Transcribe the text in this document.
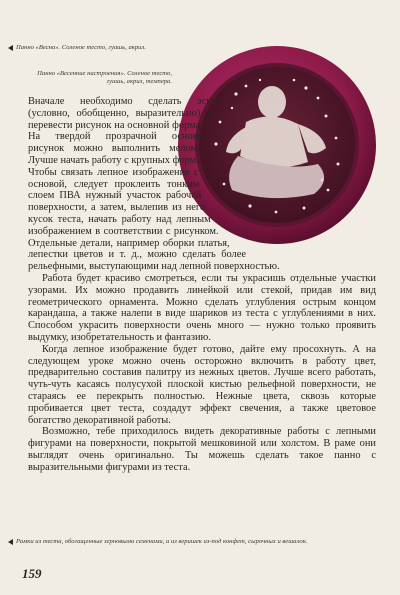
Панно «Весна». Соленое тесто, гуашь, акрил.
Панно «Весенние настроения». Соленое тесто, гуашь, акрил, темпера.

Вначале необходимо сделать эскиз (условно, обобщенно, выразительно) и перевести рисунок на основной формат. На твердой прозрачной основе рисунок можно выполнить мелом. Лучше начать работу с крупных форм. Чтобы связать лепное изображение с основой, следует проклеить тонким слоем ПВА нужный участок рабочей поверхности, а затем, вылепив из него кусок теста, начать работу над лепным изображением в соответствии с рисунком. Отдельные детали, например оборки платья, лепестки цветов и т. д., можно сделать более рельефными, выступающими над лепной поверхностью.

Работа будет красиво смотреться, если ты украсишь отдельные участки узорами. Их можно продавить линейкой или стекой, придав им вид геометрического орнамента. Можно сделать углубления острым концом карандаша, а также налепи в виде шариков из теста с углублениями в них. Способом украсить поверхности очень много — нужно только проявить выдумку, изобретательность и фантазию.

Когда лепное изображение будет готово, дайте ему просохнуть. А на следующем уроке можно очень осторожно включить в работу цвет, предварительно составив палитру из нежных цветов. Лучше всего работать, чуть-чуть касаясь полусухой плоской кистью рельефной поверхности, не стараясь ее перекрыть полностью. Нежные цвета, сквозь которые пробивается цвет теста, создадут эффект свечения, а также цветовое богатство декоративной работы.

Возможно, тебе приходилось видеть декоративные работы с лепными фигурами на поверхности, покрытой мешковиной или холстом. В раме они выглядят очень оригинально. Ты можешь сделать такое панно с выразительными фигурами из теста.

Рамки из теста, обогащенные зерновыми семенами, и из веришек из-под конфет, сырочных и вешалок.
159
